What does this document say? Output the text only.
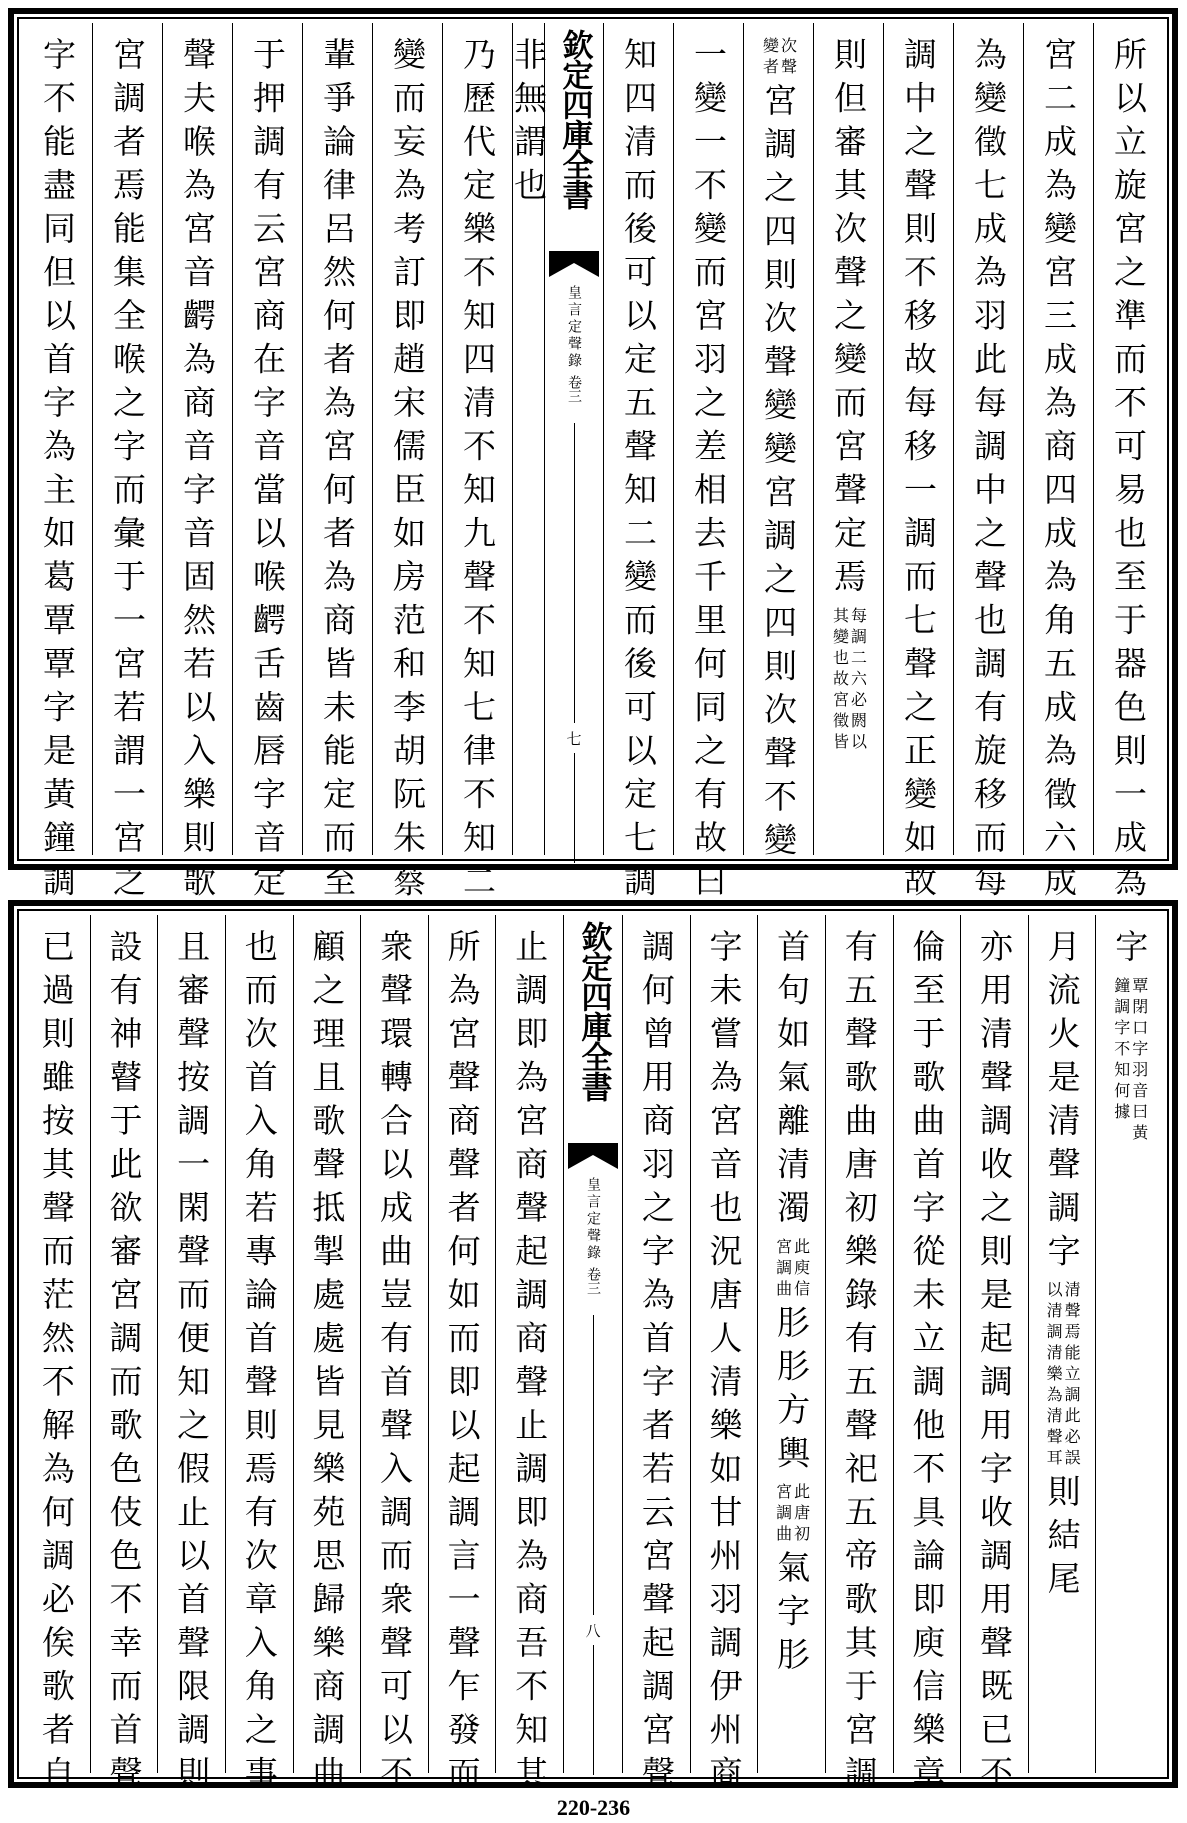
所以立旋宮之準而不可易也至于器色則一成為
宮二成為變宮三成為商四成為角五成為徵六成
為變徵七成為羽此每調中之聲也調有旋移而每
調中之聲則不移故每移一調而七聲之正變如故
則但審其次聲之變而宮聲定焉
每調二六必閼以
其變也故宮徵皆
次聲
變者
宮調之四則次聲變變宮調之四則次聲不變
一變一不變而宮羽之差相去千里何同之有故曰
知四清而後可以定五聲知二變而後可以定七調
欽定四庫全書
皇言定聲錄
卷三
七
非無謂也
乃歷代定樂不知四清不知九聲不知七律不知二
變而妄為考訂即趙宋儒臣如房范和李胡阮朱蔡
輩爭論律呂然何者為宮何者為商皆未能定而至
于押調有云宮商在字音當以喉齶舌齒唇字音定
聲夫喉為宮音齶為商音字音固然若以入樂則歌
宮調者焉能集全喉之字而彙于一宮若謂一宮之
字不能盡同但以首字為主如葛覃覃字是黃鐘調
字
覃閉口字羽音曰黃
鐘調字不知何據
月流火是清聲調字
清聲焉能立調此必誤
以清調清樂為清聲耳
則結尾
亦用清聲調收之則是起調用字收調用聲既已不
倫至于歌曲首字從未立調他不具論即庾信樂章
有五聲歌曲唐初樂錄有五聲祀五帝歌其于宮調
首句如氣離清濁
此庾信
宮調曲
肜肜方輿
此唐初
宮調曲
氣字肜
字未嘗為宮音也況唐人清樂如甘州羽調伊州商
調何曾用商羽之字為首字者若云宮聲起調宮聲
欽定四庫全書
皇言定聲錄
卷三
八
止調即為宮商聲起調商聲止調即為商吾不知其
所為宮聲商聲者何如而即以起調言一聲乍發而
衆聲環轉合以成曲豈有首聲入調而衆聲可以不
顧之理且歌聲抵掣處處皆見樂苑思歸樂商調曲
也而次首入角若專論首聲則焉有次章入角之事
且審聲按調一閑聲而便知之假止以首聲限調則
設有神瞽于此欲審宮調而歌色伎色不幸而首聲
已過則雖按其聲而茫然不解為何調必俟歌者自
220-236
